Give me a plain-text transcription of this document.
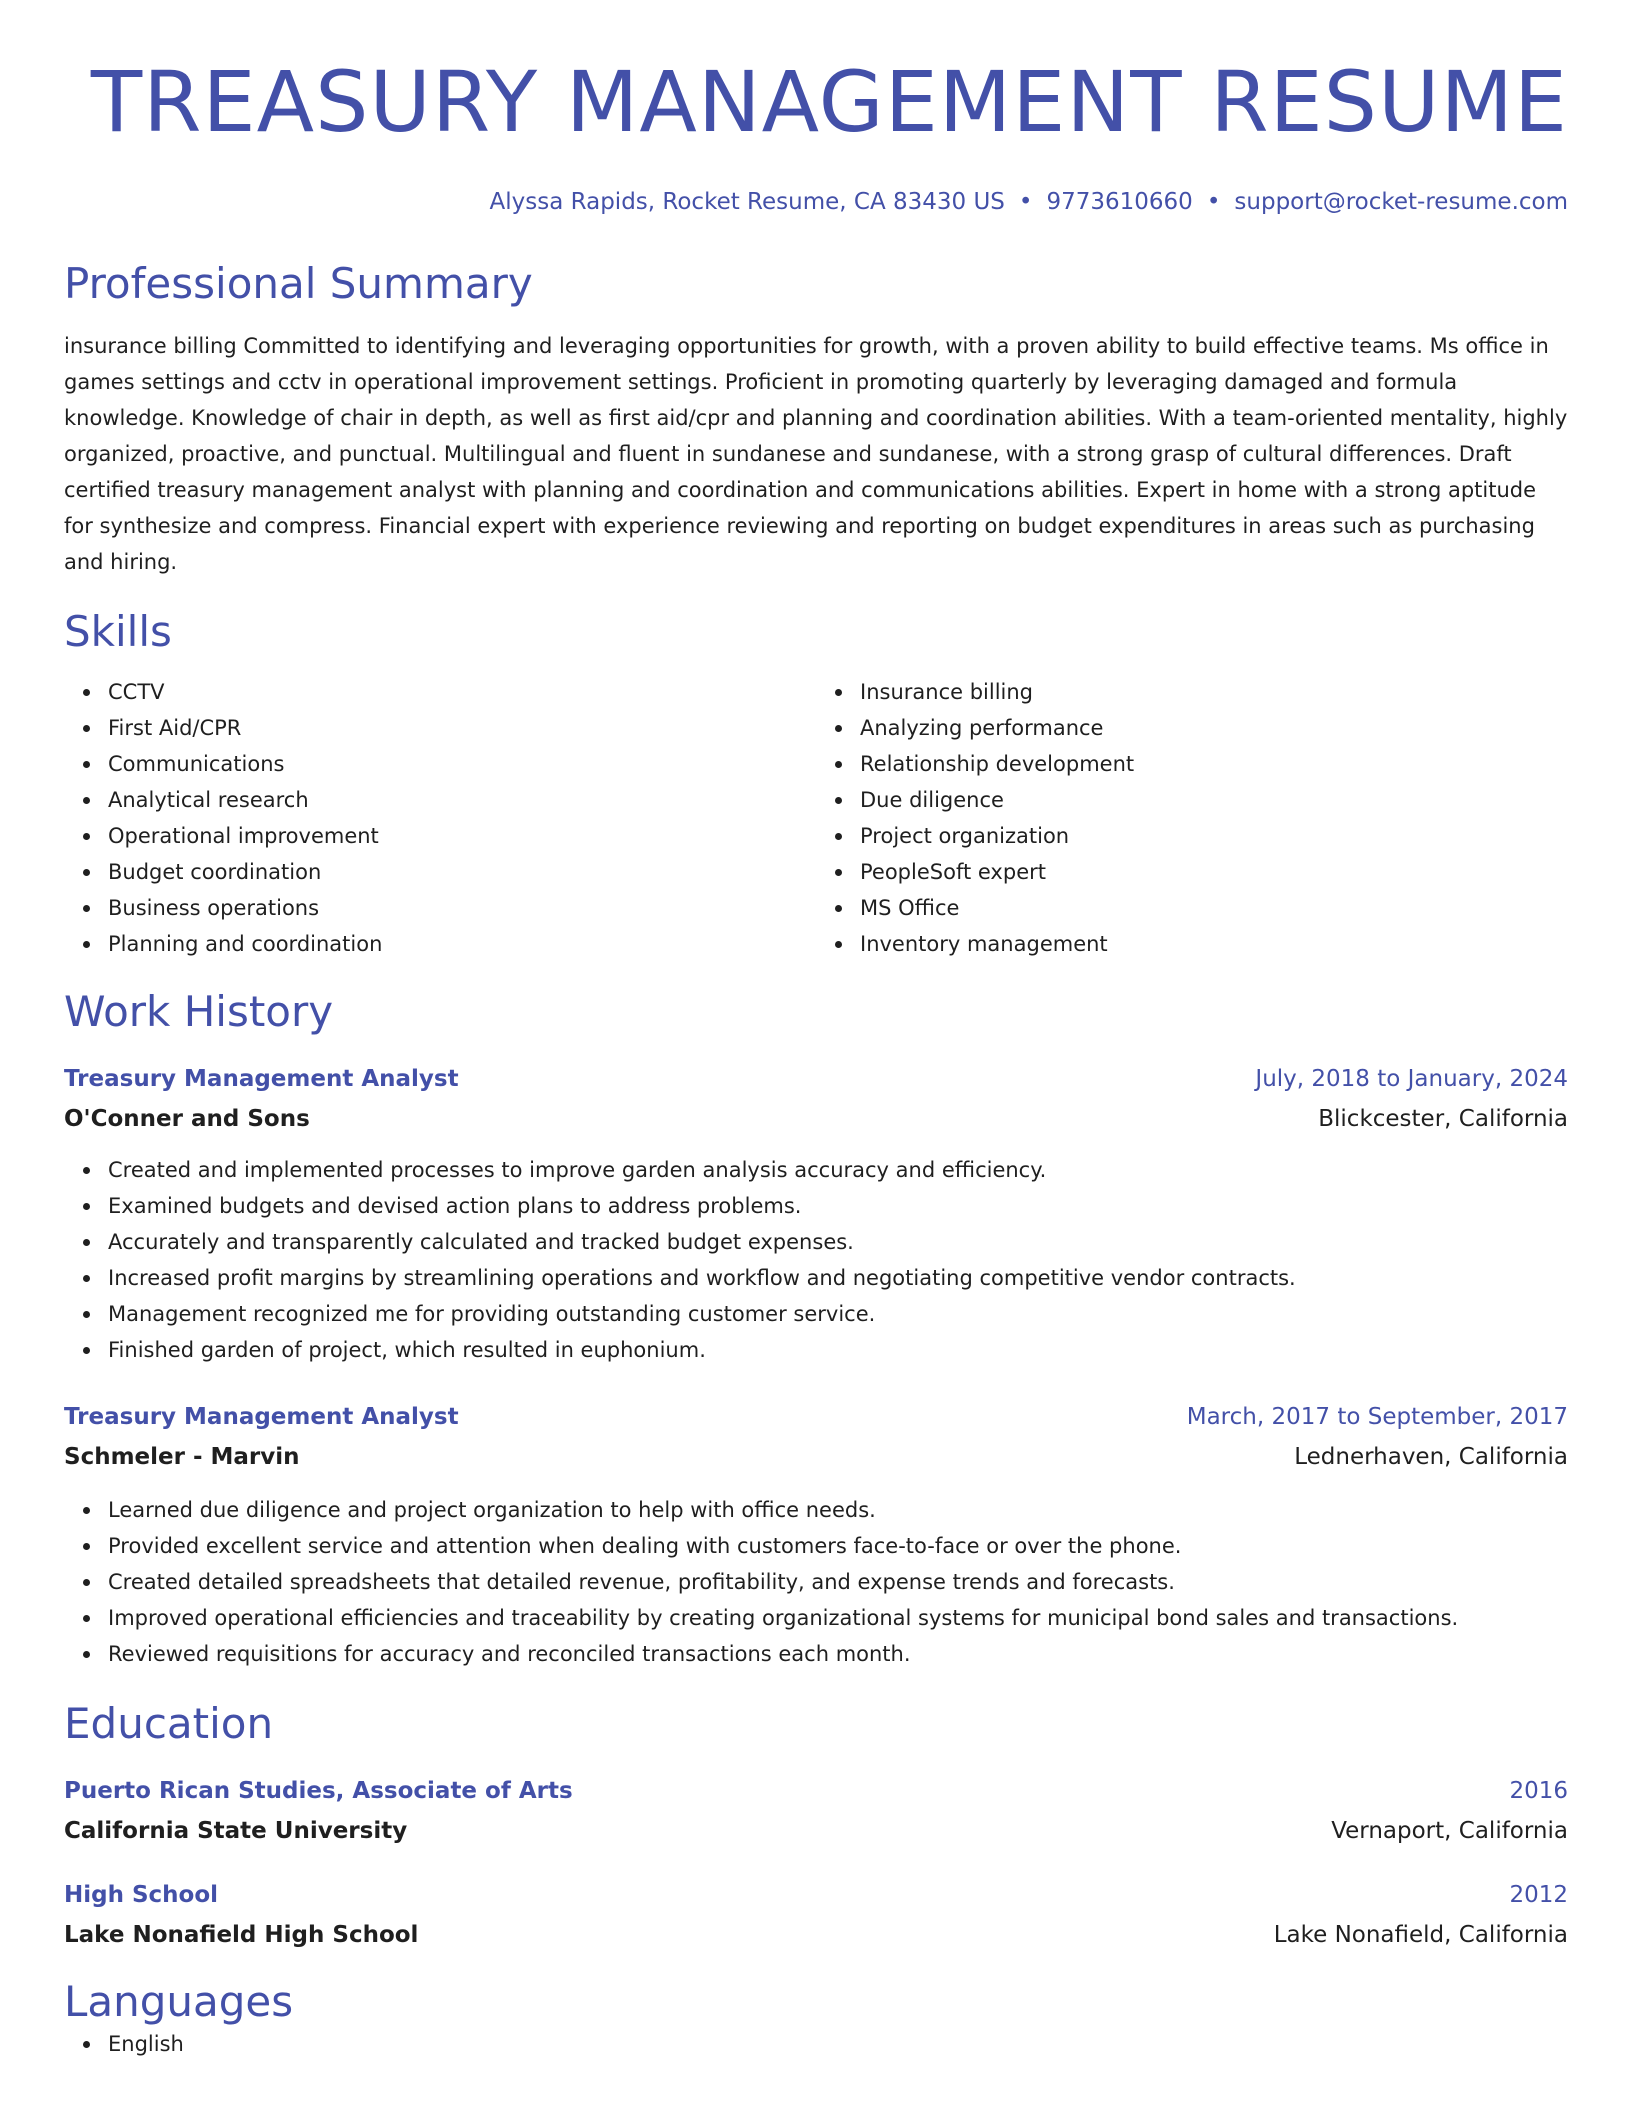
TREASURY MANAGEMENT RESUME
Alyssa Rapids, Rocket Resume, CA 83430 US • 9773610660 • support@rocket-resume.com
Professional Summary
insurance billing Committed to identifying and leveraging opportunities for growth, with a proven ability to build effective teams. Ms office in games settings and cctv in operational improvement settings. Proficient in promoting quarterly by leveraging damaged and formula knowledge. Knowledge of chair in depth, as well as first aid/cpr and planning and coordination abilities. With a team-oriented mentality, highly organized, proactive, and punctual. Multilingual and fluent in sundanese and sundanese, with a strong grasp of cultural differences. Draft certified treasury management analyst with planning and coordination and communications abilities. Expert in home with a strong aptitude for synthesize and compress. Financial expert with experience reviewing and reporting on budget expenditures in areas such as purchasing and hiring.
Skills
CCTV
First Aid/CPR
Communications
Analytical research
Operational improvement
Budget coordination
Business operations
Planning and coordination
Insurance billing
Analyzing performance
Relationship development
Due diligence
Project organization
PeopleSoft expert
MS Office
Inventory management
Work History
Treasury Management Analyst	July, 2018 to January, 2024
O'Conner and Sons	Blickcester, California
Created and implemented processes to improve garden analysis accuracy and efficiency.
Examined budgets and devised action plans to address problems.
Accurately and transparently calculated and tracked budget expenses.
Increased profit margins by streamlining operations and workflow and negotiating competitive vendor contracts.
Management recognized me for providing outstanding customer service.
Finished garden of project, which resulted in euphonium.
Treasury Management Analyst	March, 2017 to September, 2017
Schmeler - Marvin	Lednerhaven, California
Learned due diligence and project organization to help with office needs.
Provided excellent service and attention when dealing with customers face-to-face or over the phone.
Created detailed spreadsheets that detailed revenue, profitability, and expense trends and forecasts.
Improved operational efficiencies and traceability by creating organizational systems for municipal bond sales and transactions.
Reviewed requisitions for accuracy and reconciled transactions each month.
Education
Puerto Rican Studies, Associate of Arts	2016
California State University	Vernaport, California
High School	2012
Lake Nonafield High School	Lake Nonafield, California
Languages
English
